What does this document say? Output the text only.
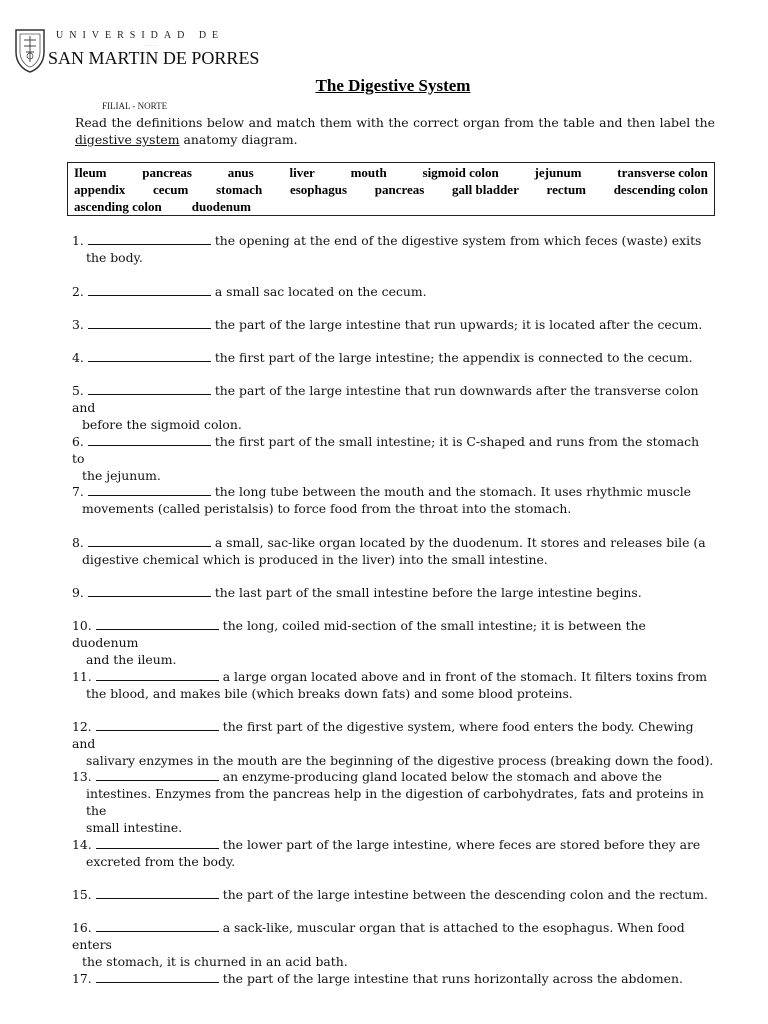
UNIVERSIDAD DE
· · · · · ·
SAN MARTIN DE PORRES
FILIAL - NORTE
The Digestive System
Read the definitions below and match them with the correct organ from the table and then label the digestive system anatomy diagram.
Ileum	pancreas	anus	liver	mouth	sigmoid colon	jejunum	transverse colon
appendix cecum stomach esophagus pancreas gall bladder rectum descending colon
ascending colon duodenum
1.	the opening at the end of the digestive system from which feces (waste) exits
the body.
2.	a small sac located on the cecum.
3.	the part of the large intestine that run upwards; it is located after the cecum.
4.	the first part of the large intestine; the appendix is connected to the cecum.
5.	the part of the large intestine that run downwards after the transverse colon and
before the sigmoid colon.
6.	the first part of the small intestine; it is C-shaped and runs from the stomach to
the jejunum.
7.	the long tube between the mouth and the stomach. It uses rhythmic muscle
movements (called peristalsis) to force food from the throat into the stomach.
8.	a small, sac-like organ located by the duodenum. It stores and releases bile (a
digestive chemical which is produced in the liver) into the small intestine.
9.	the last part of the small intestine before the large intestine begins.
10.	the long, coiled mid-section of the small intestine; it is between the duodenum
and the ileum.
11.	a large organ located above and in front of the stomach. It filters toxins from
the blood, and makes bile (which breaks down fats) and some blood proteins.
12.	the first part of the digestive system, where food enters the body. Chewing and
salivary enzymes in the mouth are the beginning of the digestive process (breaking down the food).
13.	an enzyme-producing gland located below the stomach and above the
intestines. Enzymes from the pancreas help in the digestion of carbohydrates, fats and proteins in the
small intestine.
14.	the lower part of the large intestine, where feces are stored before they are
excreted from the body.
15.	the part of the large intestine between the descending colon and the rectum.
16.	a sack-like, muscular organ that is attached to the esophagus. When food enters
the stomach, it is churned in an acid bath.
17.	the part of the large intestine that runs horizontally across the abdomen.
